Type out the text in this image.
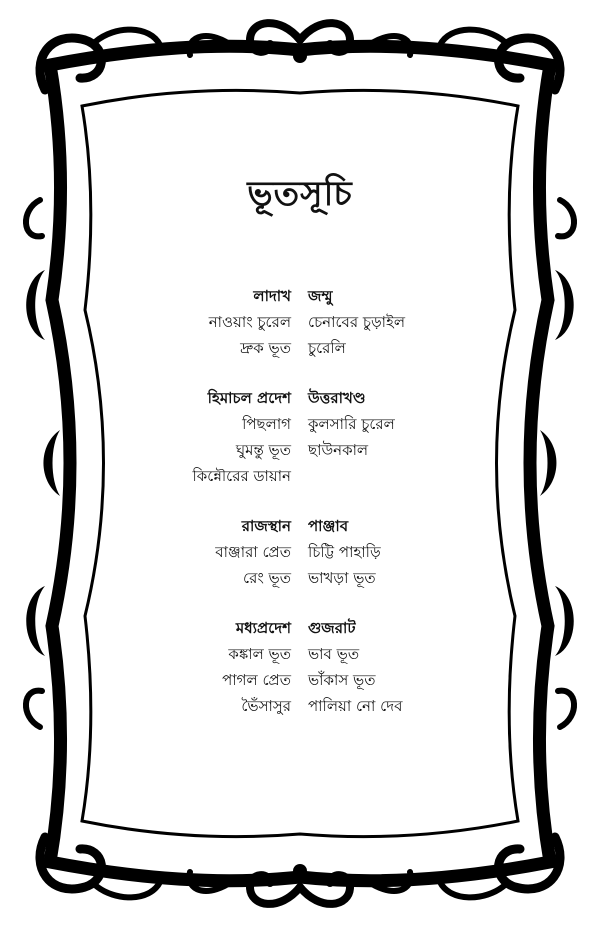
ভূতসূচি
লাদাখ	জম্মু
নাওয়াং চুরেল	চেনাবের চুড়াইল
দ্রুক ভূত	চুরেলি
হিমাচল প্রদেশ	উত্তরাখণ্ড
পিছলাগ	কুলসারি চুরেল
ঘুমন্তু ভূত	ছাউনকাল
কিন্নৌরের ডায়ান
রাজস্থান	পাঞ্জাব
বাঞ্জারা প্রেত	চিট্টি পাহাড়ি
রেং ভূত	ভাখড়া ভূত
মধ্যপ্রদেশ	গুজরাট
কঙ্কাল ভূত	ভাব ভূত
পাগল প্রেত	ভাঁকাস ভূত
ভৈঁসাসুর	পালিয়া নো দেব
